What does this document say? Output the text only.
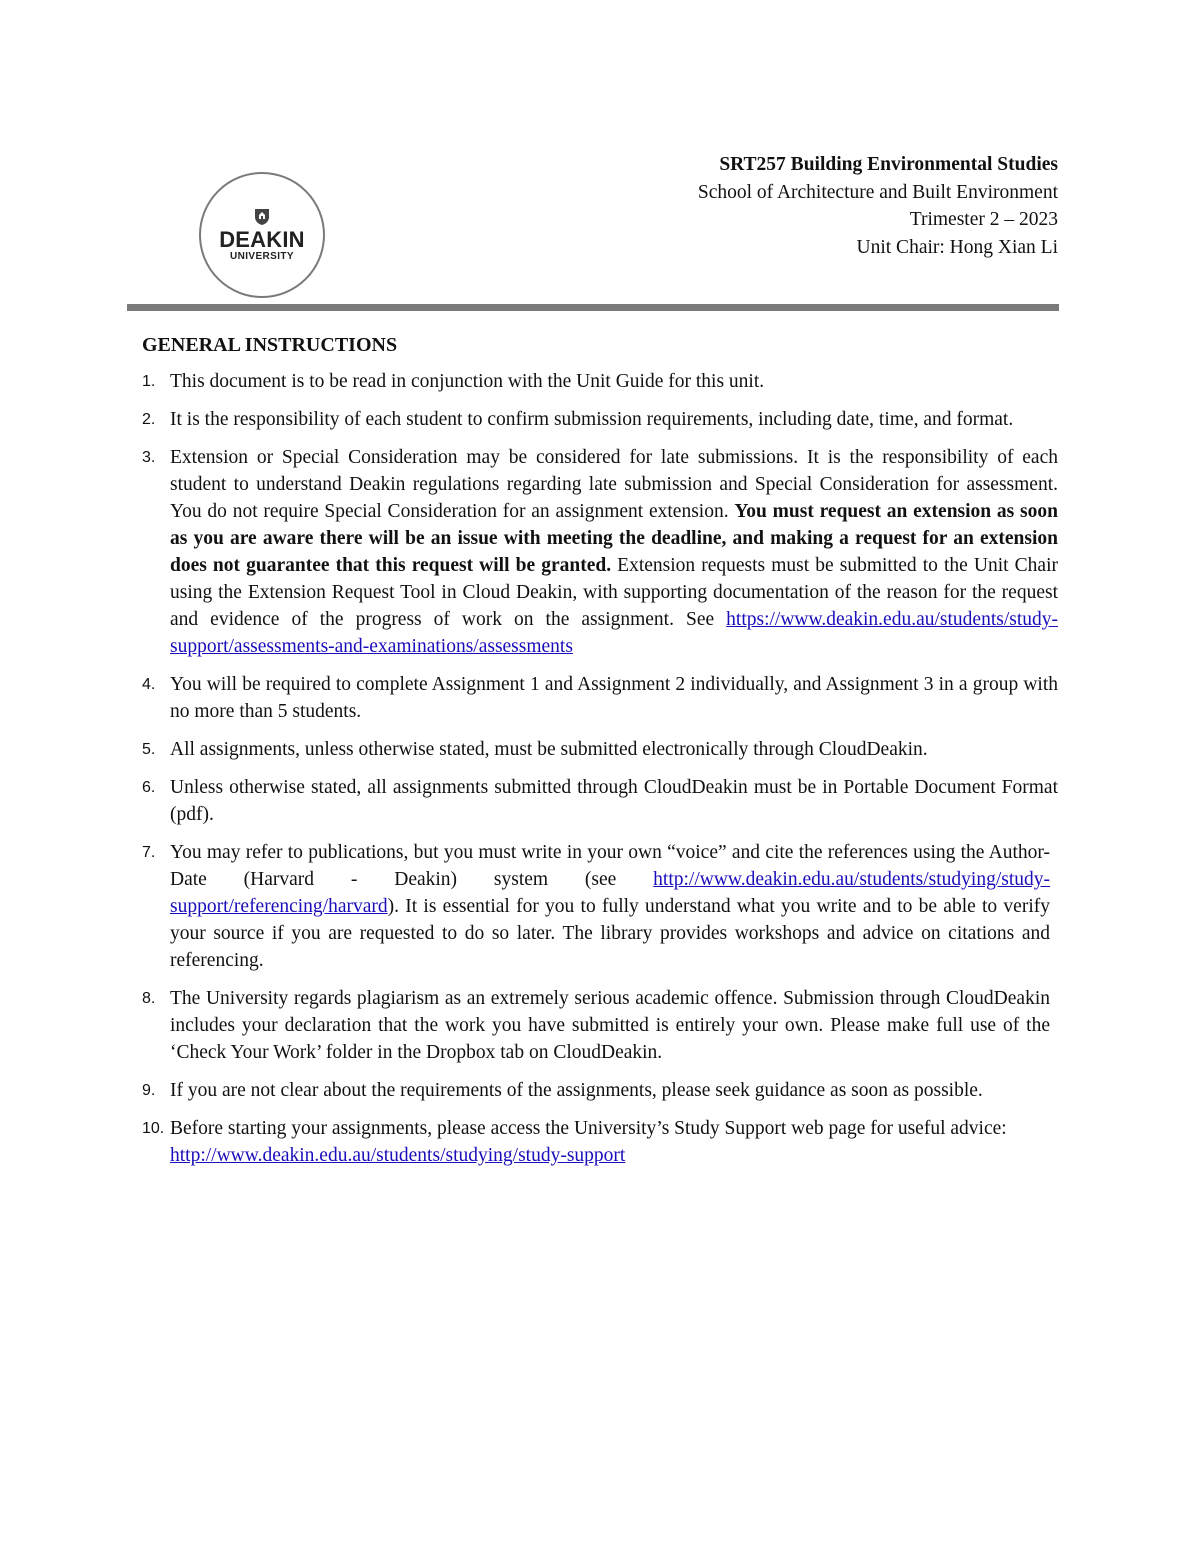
DEAKIN
UNIVERSITY
SRT257 Building Environmental Studies
School of Architecture and Built Environment
Trimester 2 – 2023
Unit Chair: Hong Xian Li
GENERAL INSTRUCTIONS
1. This document is to be read in conjunction with the Unit Guide for this unit.
2. It is the responsibility of each student to confirm submission requirements, including date, time, and format.
3. Extension or Special Consideration may be considered for late submissions. It is the responsibility of each student to understand Deakin regulations regarding late submission and Special Consideration for assessment. You do not require Special Consideration for an assignment extension. You must request an extension as soon as you are aware there will be an issue with meeting the deadline, and making a request for an extension does not guarantee that this request will be granted. Extension requests must be submitted to the Unit Chair using the Extension Request Tool in Cloud Deakin, with supporting documentation of the reason for the request and evidence of the progress of work on the assignment. See https://www.deakin.edu.au/students/study-support/assessments-and-examinations/assessments
4. You will be required to complete Assignment 1 and Assignment 2 individually, and Assignment 3 in a group with no more than 5 students.
5. All assignments, unless otherwise stated, must be submitted electronically through CloudDeakin.
6. Unless otherwise stated, all assignments submitted through CloudDeakin must be in Portable Document Format (pdf).
7. You may refer to publications, but you must write in your own “voice” and cite the references using the Author-Date (Harvard - Deakin) system (see http://www.deakin.edu.au/students/studying/study-support/referencing/harvard). It is essential for you to fully understand what you write and to be able to verify your source if you are requested to do so later. The library provides workshops and advice on citations and referencing.
8. The University regards plagiarism as an extremely serious academic offence. Submission through CloudDeakin includes your declaration that the work you have submitted is entirely your own. Please make full use of the ‘Check Your Work’ folder in the Dropbox tab on CloudDeakin.
9. If you are not clear about the requirements of the assignments, please seek guidance as soon as possible.
10. Before starting your assignments, please access the University’s Study Support web page for useful advice: http://www.deakin.edu.au/students/studying/study-support
